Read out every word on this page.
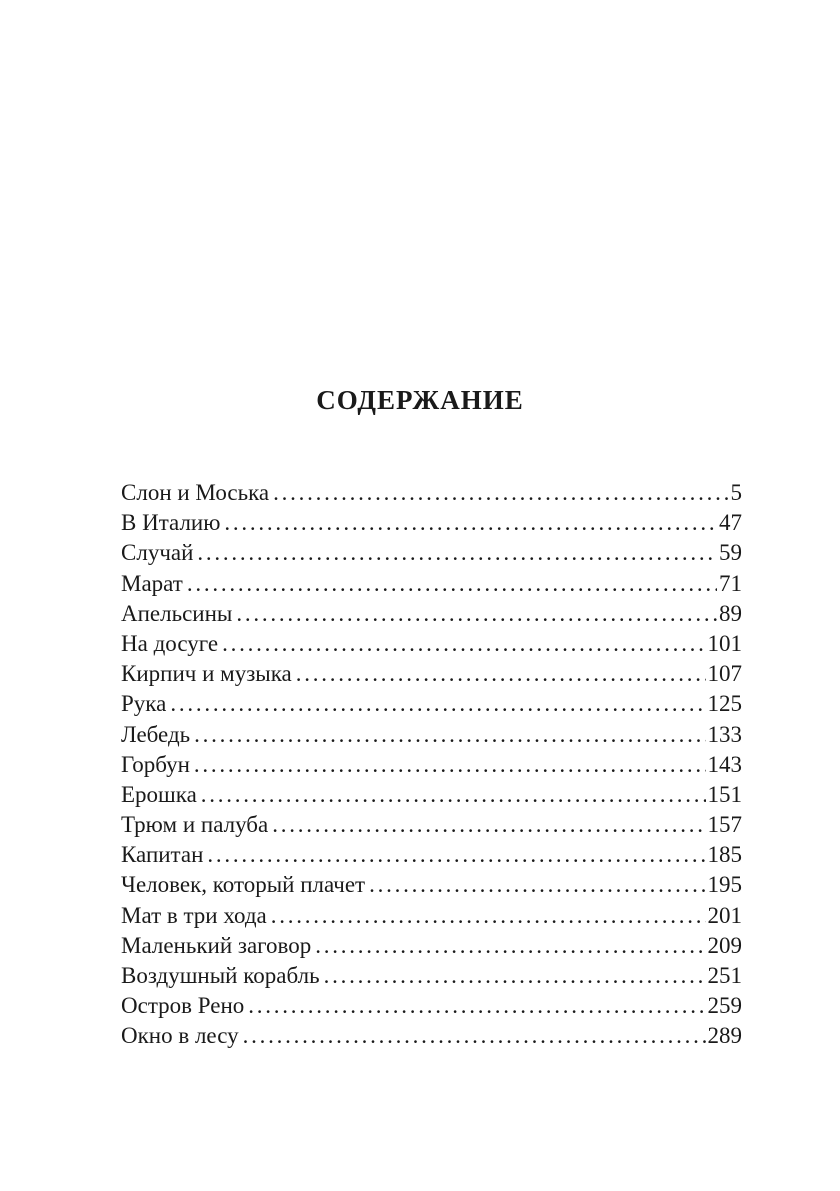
СОДЕРЖАНИЕ
Слон и Моська . . .	5
В Италию . . .	47
Случай . . .	59
Марат . . .	71
Апельсины . . .	89
На досуге . . .	101
Кирпич и музыка . . .	107
Рука . . .	125
Лебедь . . .	133
Горбун . . .	143
Ерошка . . .	151
Трюм и палуба . . .	157
Капитан . . .	185
Человек, который плачет . . .	195
Мат в три хода . . .	201
Маленький заговор . . .	209
Воздушный корабль . . .	251
Остров Рено . . .	259
Окно в лесу . . .	289
